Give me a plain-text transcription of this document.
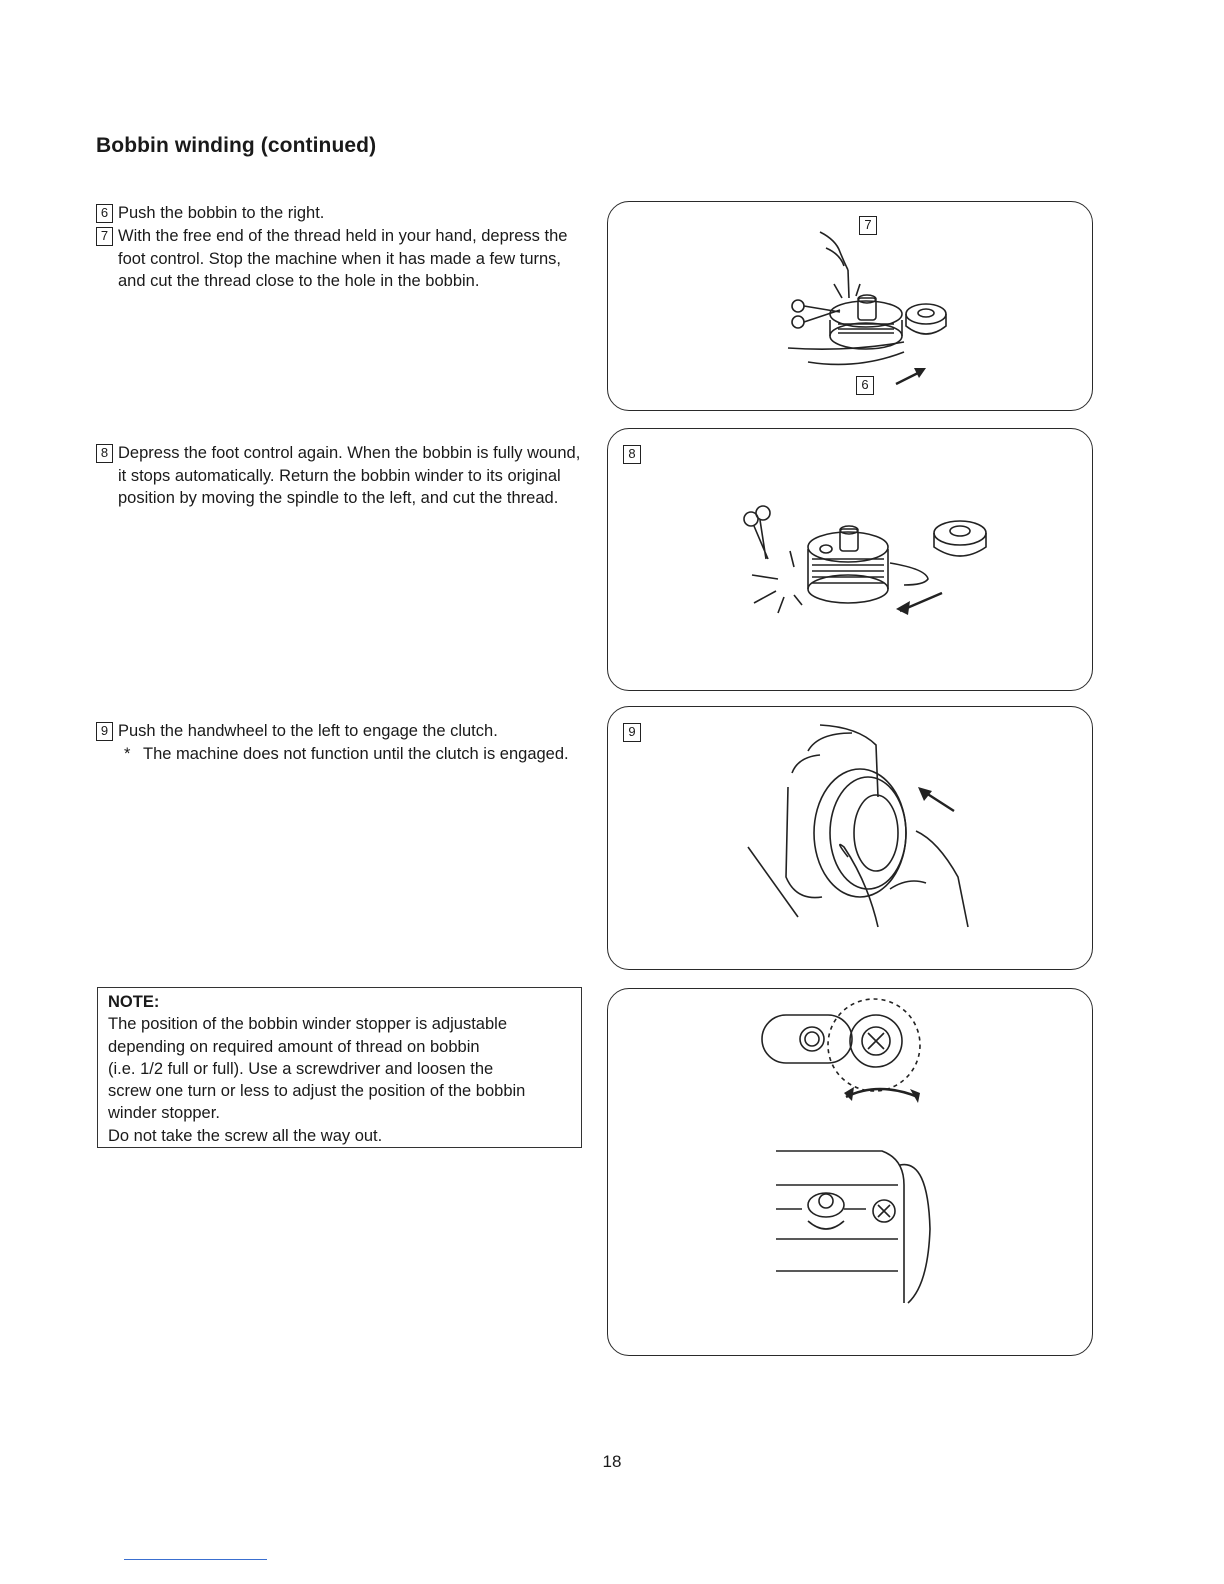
Bobbin winding (continued)
6 Push the bobbin to the right.
7 With the free end of the thread held in your hand, depress the foot control. Stop the machine when it has made a few turns, and cut the thread close to the hole in the bobbin.
8 Depress the foot control again. When the bobbin is fully wound, it stops automatically. Return the bobbin winder to its original position by moving the spindle to the left, and cut the thread.
9 Push the handwheel to the left to engage the clutch.
* The machine does not function until the clutch is engaged.
NOTE:
The position of the bobbin winder stopper is adjustable
depending on required amount of thread on bobbin
(i.e. 1/2 full or full). Use a screwdriver and loosen the
screw one turn or less to adjust the position of the bobbin
winder stopper.
Do not take the screw all the way out.
7
6
8
9
18
